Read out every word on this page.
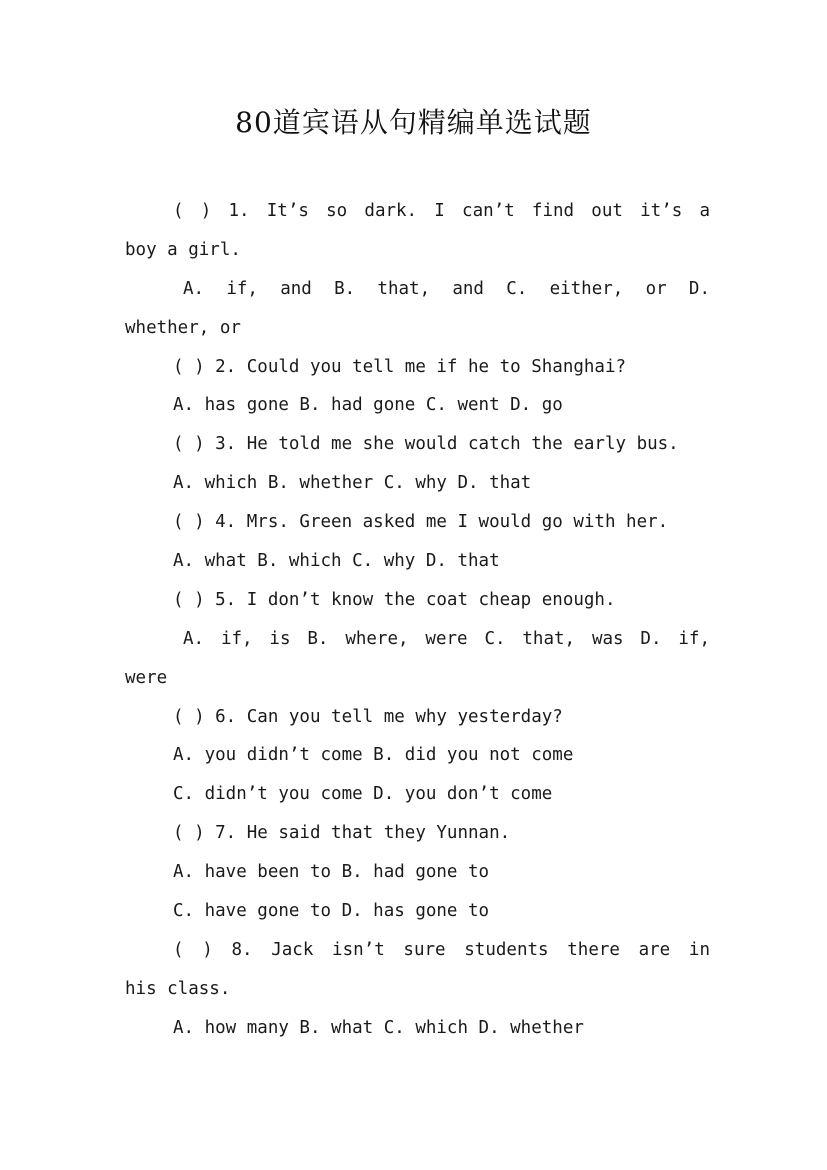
80道宾语从句精编单选试题
( ) 1. It’s so dark. I can’t find out it’s a
boy a girl.
A. if, and B. that, and C. either, or D.
whether, or
( ) 2. Could you tell me if he to Shanghai?
A. has gone B. had gone C. went D. go
( ) 3. He told me she would catch the early bus.
A. which B. whether C. why D. that
( ) 4. Mrs. Green asked me I would go with her.
A. what B. which C. why D. that
( ) 5. I don’t know the coat cheap enough.
A. if, is B. where, were C. that, was D. if,
were
( ) 6. Can you tell me why yesterday?
A. you didn’t come B. did you not come
C. didn’t you come D. you don’t come
( ) 7. He said that they Yunnan.
A. have been to B. had gone to
C. have gone to D. has gone to
( ) 8. Jack isn’t sure students there are in
his class.
A. how many B. what C. which D. whether
